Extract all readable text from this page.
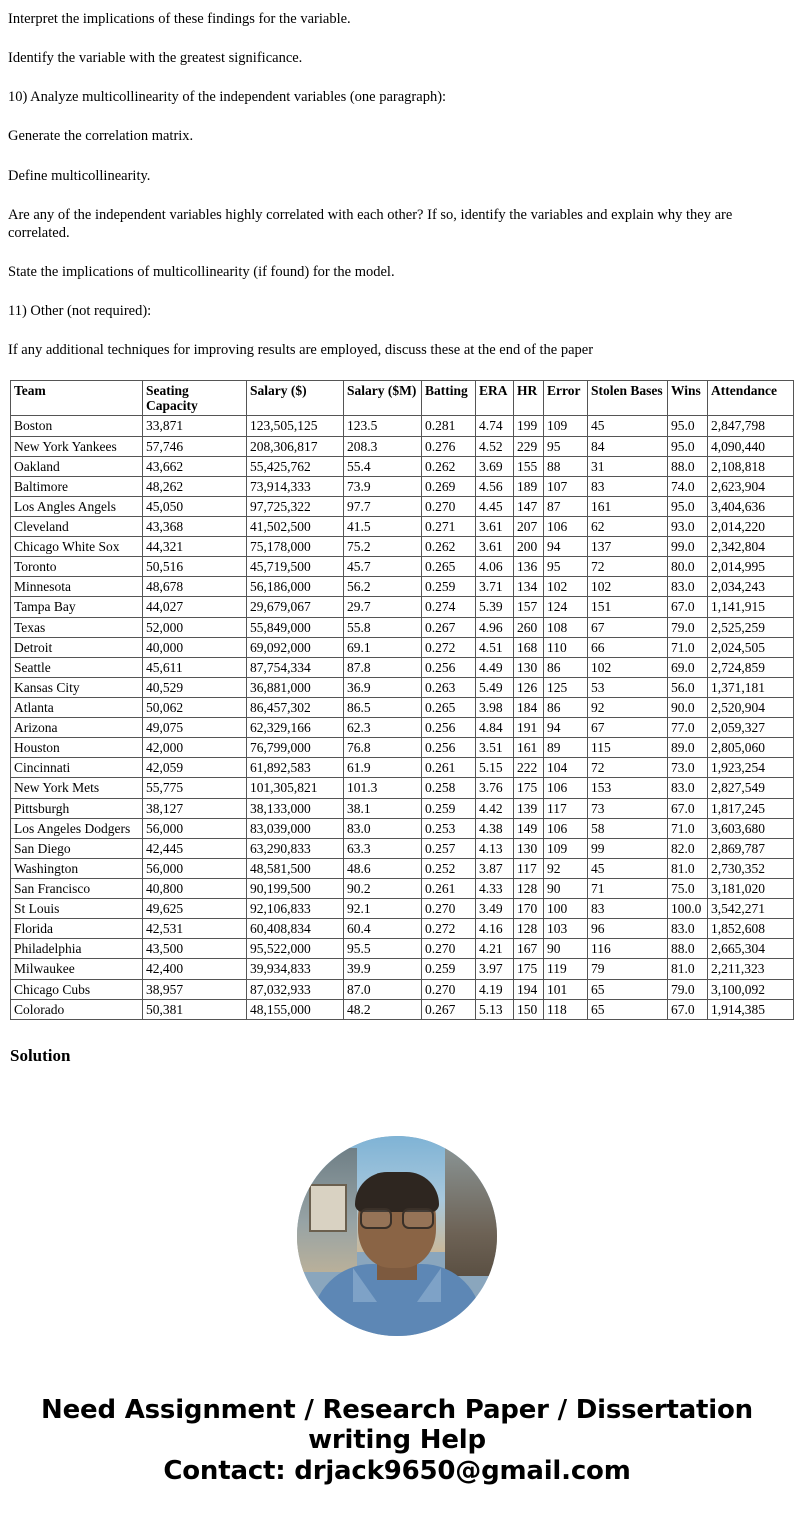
Interpret the implications of these findings for the variable.

Identify the variable with the greatest significance.

10) Analyze multicollinearity of the independent variables (one paragraph):

Generate the correlation matrix.

Define multicollinearity.

Are any of the independent variables highly correlated with each other? If so, identify the variables and explain why they are correlated.

State the implications of multicollinearity (if found) for the model.

11) Other (not required):

If any additional techniques for improving results are employed, discuss these at the end of the paper

Team	Seating Capacity	Salary ($)	Salary ($M)	Batting	ERA	HR	Error	Stolen Bases	Wins	Attendance
Boston	33,871	123,505,125	123.5	0.281	4.74	199	109	45	95.0	2,847,798
New York Yankees	57,746	208,306,817	208.3	0.276	4.52	229	95	84	95.0	4,090,440
Oakland	43,662	55,425,762	55.4	0.262	3.69	155	88	31	88.0	2,108,818
Baltimore	48,262	73,914,333	73.9	0.269	4.56	189	107	83	74.0	2,623,904
Los Angles Angels	45,050	97,725,322	97.7	0.270	4.45	147	87	161	95.0	3,404,636
Cleveland	43,368	41,502,500	41.5	0.271	3.61	207	106	62	93.0	2,014,220
Chicago White Sox	44,321	75,178,000	75.2	0.262	3.61	200	94	137	99.0	2,342,804
Toronto	50,516	45,719,500	45.7	0.265	4.06	136	95	72	80.0	2,014,995
Minnesota	48,678	56,186,000	56.2	0.259	3.71	134	102	102	83.0	2,034,243
Tampa Bay	44,027	29,679,067	29.7	0.274	5.39	157	124	151	67.0	1,141,915
Texas	52,000	55,849,000	55.8	0.267	4.96	260	108	67	79.0	2,525,259
Detroit	40,000	69,092,000	69.1	0.272	4.51	168	110	66	71.0	2,024,505
Seattle	45,611	87,754,334	87.8	0.256	4.49	130	86	102	69.0	2,724,859
Kansas City	40,529	36,881,000	36.9	0.263	5.49	126	125	53	56.0	1,371,181
Atlanta	50,062	86,457,302	86.5	0.265	3.98	184	86	92	90.0	2,520,904
Arizona	49,075	62,329,166	62.3	0.256	4.84	191	94	67	77.0	2,059,327
Houston	42,000	76,799,000	76.8	0.256	3.51	161	89	115	89.0	2,805,060
Cincinnati	42,059	61,892,583	61.9	0.261	5.15	222	104	72	73.0	1,923,254
New York Mets	55,775	101,305,821	101.3	0.258	3.76	175	106	153	83.0	2,827,549
Pittsburgh	38,127	38,133,000	38.1	0.259	4.42	139	117	73	67.0	1,817,245
Los Angeles Dodgers	56,000	83,039,000	83.0	0.253	4.38	149	106	58	71.0	3,603,680
San Diego	42,445	63,290,833	63.3	0.257	4.13	130	109	99	82.0	2,869,787
Washington	56,000	48,581,500	48.6	0.252	3.87	117	92	45	81.0	2,730,352
San Francisco	40,800	90,199,500	90.2	0.261	4.33	128	90	71	75.0	3,181,020
St Louis	49,625	92,106,833	92.1	0.270	3.49	170	100	83	100.0	3,542,271
Florida	42,531	60,408,834	60.4	0.272	4.16	128	103	96	83.0	1,852,608
Philadelphia	43,500	95,522,000	95.5	0.270	4.21	167	90	116	88.0	2,665,304
Milwaukee	42,400	39,934,833	39.9	0.259	3.97	175	119	79	81.0	2,211,323
Chicago Cubs	38,957	87,032,933	87.0	0.270	4.19	194	101	65	79.0	3,100,092
Colorado	50,381	48,155,000	48.2	0.267	5.13	150	118	65	67.0	1,914,385
Solution
Need Assignment / Research Paper / Dissertation
writing Help
Contact: drjack9650@gmail.com
